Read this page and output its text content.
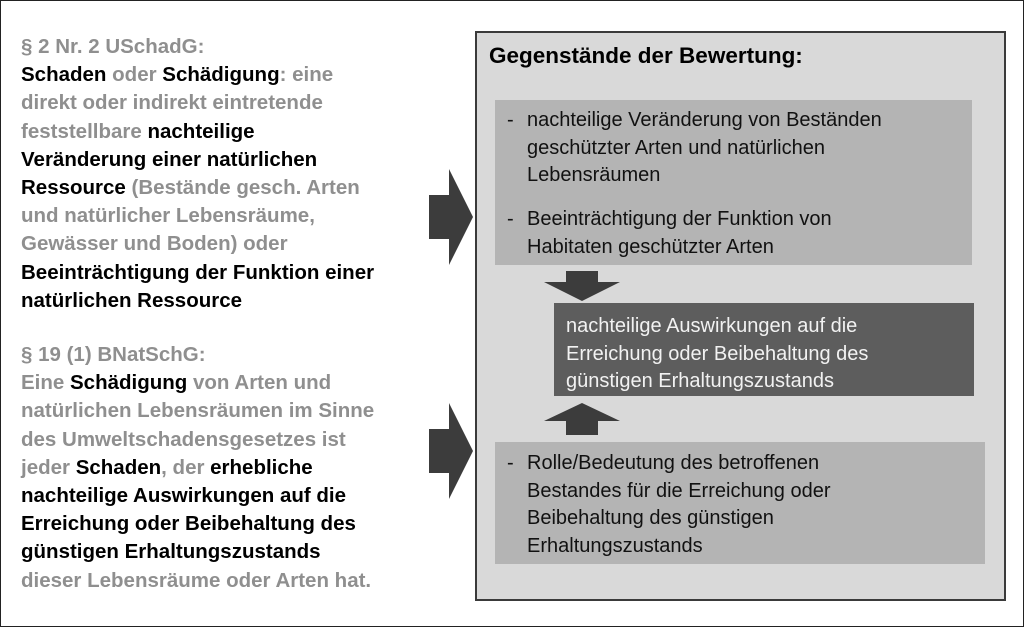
§ 2 Nr. 2 USchadG:

Schaden oder Schädigung: eine
direkt oder indirekt eintretende
feststellbare nachteilige
Veränderung einer natürlichen
Ressource (Bestände gesch. Arten
und natürlicher Lebensräume,
Gewässer und Boden) oder
Beeinträchtigung der Funktion einer
natürlichen Ressource

§ 19 (1) BNatSchG:

Eine Schädigung von Arten und
natürlichen Lebensräumen im Sinne
des Umweltschadensgesetzes ist
jeder Schaden, der erhebliche
nachteilige Auswirkungen auf die
Erreichung oder Beibehaltung des
günstigen Erhaltungszustands
dieser Lebensräume oder Arten hat.

Gegenstände der Bewertung:
- nachteilige Veränderung von Beständen
geschützter Arten und natürlichen
Lebensräumen
- Beeinträchtigung der Funktion von
Habitaten geschützter Arten
nachteilige Auswirkungen auf die
Erreichung oder Beibehaltung des
günstigen Erhaltungszustands
- Rolle/Bedeutung des betroffenen
Bestandes für die Erreichung oder
Beibehaltung des günstigen
Erhaltungszustands
